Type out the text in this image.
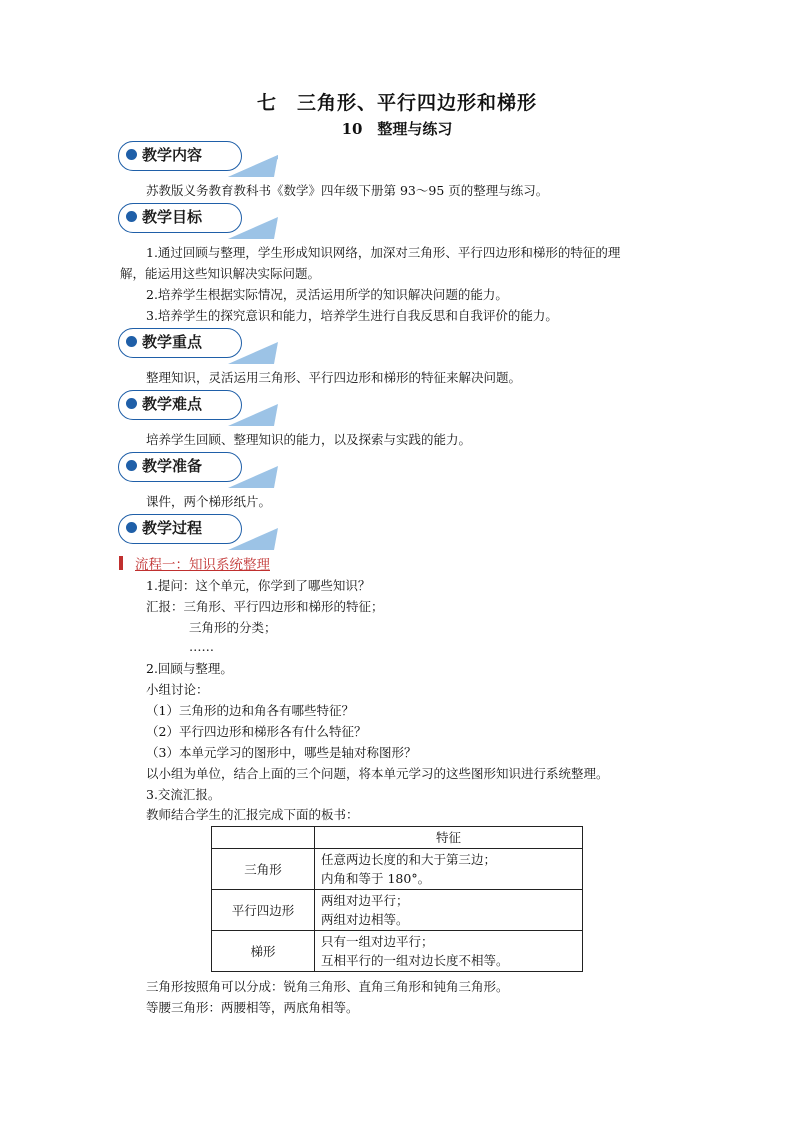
七　三角形、平行四边形和梯形
10　整理与练习
教学内容
苏教版义务教育教科书《数学》四年级下册第 93～95 页的整理与练习。
教学目标
1.通过回顾与整理，学生形成知识网络，加深对三角形、平行四边形和梯形的特征的理
解，能运用这些知识解决实际问题。
2.培养学生根据实际情况，灵活运用所学的知识解决问题的能力。
3.培养学生的探究意识和能力，培养学生进行自我反思和自我评价的能力。
教学重点
整理知识，灵活运用三角形、平行四边形和梯形的特征来解决问题。
教学难点
培养学生回顾、整理知识的能力，以及探索与实践的能力。
教学准备
课件，两个梯形纸片。
教学过程
流程一：知识系统整理
1.提问：这个单元，你学到了哪些知识？
汇报：三角形、平行四边形和梯形的特征；
三角形的分类；
……
2.回顾与整理。
小组讨论：
（1）三角形的边和角各有哪些特征？
（2）平行四边形和梯形各有什么特征？
（3）本单元学习的图形中，哪些是轴对称图形？
以小组为单位，结合上面的三个问题，将本单元学习的这些图形知识进行系统整理。
3.交流汇报。
教师结合学生的汇报完成下面的板书：
	特征
三角形	任意两边长度的和大于第三边；
内角和等于 180°。

平行四边形	两组对边平行；
两组对边相等。

梯形	只有一组对边平行；
互相平行的一组对边长度不相等。
三角形按照角可以分成：锐角三角形、直角三角形和钝角三角形。
等腰三角形：两腰相等，两底角相等。
